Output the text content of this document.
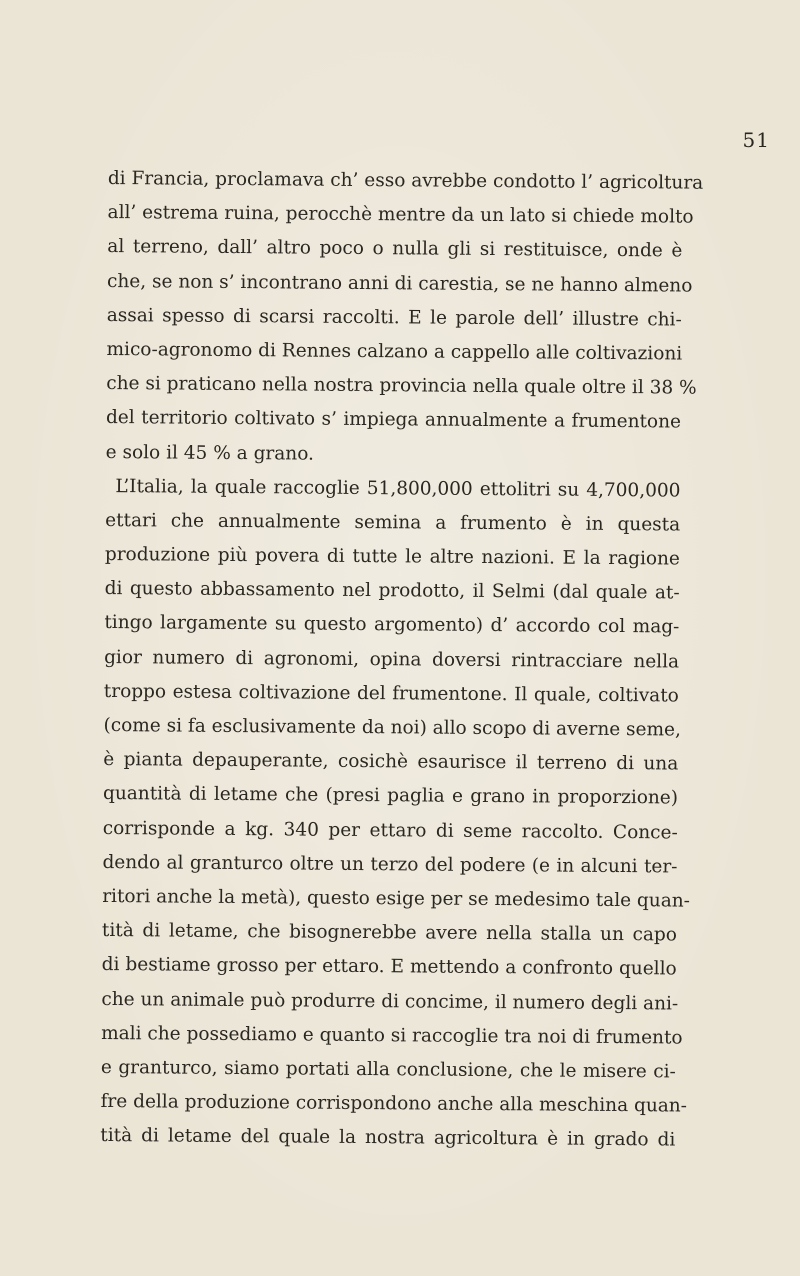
51
di Francia, proclamava ch’ esso avrebbe condotto l’ agricoltura
all’ estrema ruina, perocchè mentre da un lato si chiede molto
al terreno, dall’ altro poco o nulla gli si restituisce, onde è
che, se non s’ incontrano anni di carestia, se ne hanno almeno
assai spesso di scarsi raccolti. E le parole dell’ illustre chi-
mico-agronomo di Rennes calzano a cappello alle coltivazioni
che si praticano nella nostra provincia nella quale oltre il 38 %
del territorio coltivato s’ impiega annualmente a frumentone
e solo il 45 % a grano.
L’Italia, la quale raccoglie 51,800,000 ettolitri su 4,700,000
ettari che annualmente semina a frumento è in questa
produzione più povera di tutte le altre nazioni. E la ragione
di questo abbassamento nel prodotto, il Selmi (dal quale at-
tingo largamente su questo argomento) d’ accordo col mag-
gior numero di agronomi, opina doversi rintracciare nella
troppo estesa coltivazione del frumentone. Il quale, coltivato
(come si fa esclusivamente da noi) allo scopo di averne seme,
è pianta depauperante, cosichè esaurisce il terreno di una
quantità di letame che (presi paglia e grano in proporzione)
corrisponde a kg. 340 per ettaro di seme raccolto. Conce-
dendo al granturco oltre un terzo del podere (e in alcuni ter-
ritori anche la metà), questo esige per se medesimo tale quan-
tità di letame, che bisognerebbe avere nella stalla un capo
di bestiame grosso per ettaro. E mettendo a confronto quello
che un animale può produrre di concime, il numero degli ani-
mali che possediamo e quanto si raccoglie tra noi di frumento
e granturco, siamo portati alla conclusione, che le misere ci-
fre della produzione corrispondono anche alla meschina quan-
tità di letame del quale la nostra agricoltura è in grado di
